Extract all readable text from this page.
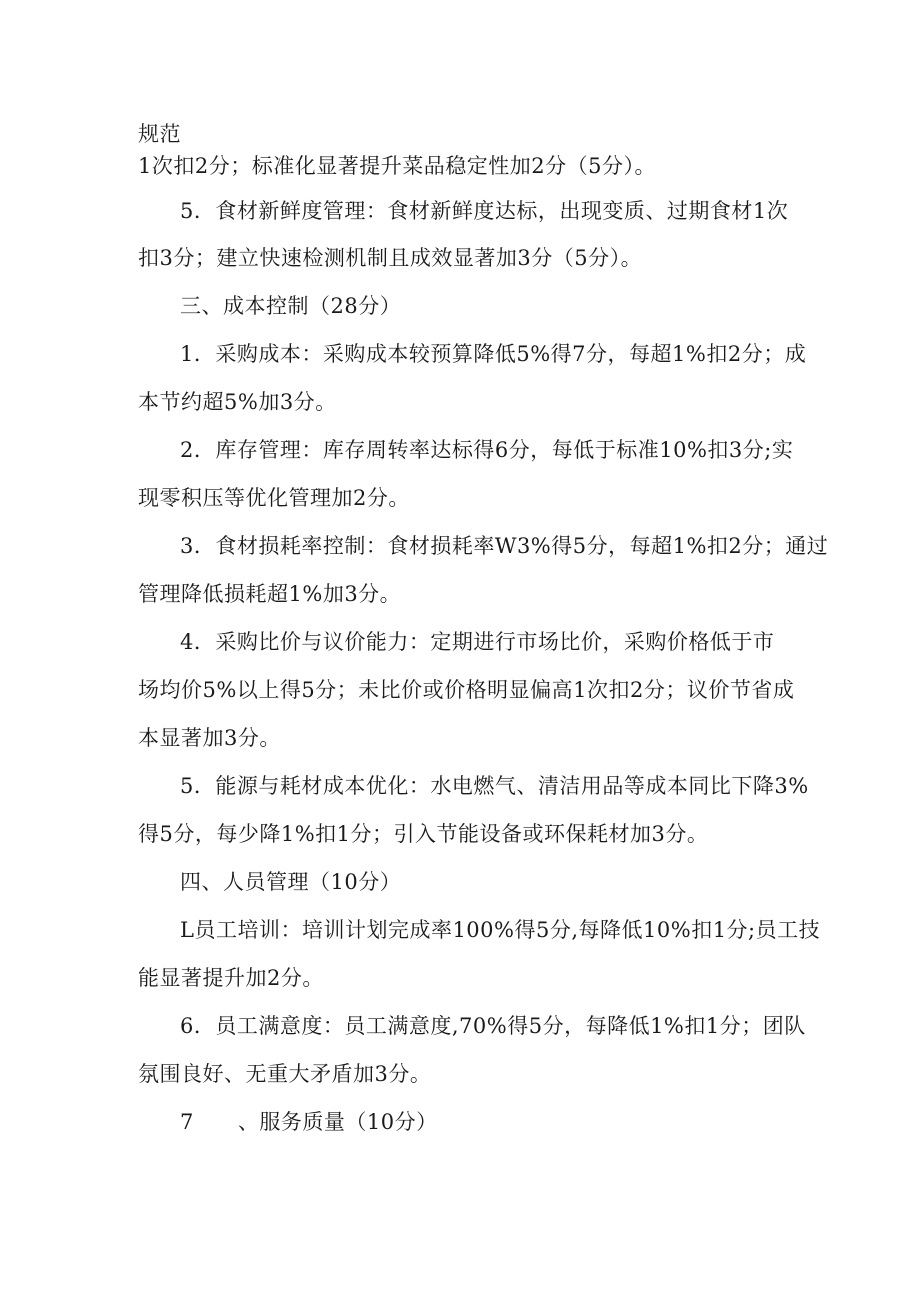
规范
1次扣2分；标准化显著提升菜品稳定性加2分（5分）。
5．食材新鲜度管理：食材新鲜度达标，出现变质、过期食材1次
扣3分；建立快速检测机制且成效显著加3分（5分）。
三、成本控制（28分）
1．采购成本：采购成本较预算降低5%得7分，每超1%扣2分；成
本节约超5%加3分。
2．库存管理：库存周转率达标得6分，每低于标准10%扣3分;实
现零积压等优化管理加2分。
3．食材损耗率控制：食材损耗率W3%得5分，每超1%扣2分；通过
管理降低损耗超1%加3分。
4．采购比价与议价能力：定期进行市场比价，采购价格低于市
场均价5%以上得5分；未比价或价格明显偏高1次扣2分；议价节省成
本显著加3分。
5．能源与耗材成本优化：水电燃气、清洁用品等成本同比下降3%
得5分，每少降1%扣1分；引入节能设备或环保耗材加3分。
四、人员管理（10分）
L员工培训：培训计划完成率100%得5分,每降低10%扣1分;员工技
能显著提升加2分。
6．员工满意度：员工满意度,70%得5分，每降低1%扣1分；团队
氛围良好、无重大矛盾加3分。
7 、服务质量（10分）
